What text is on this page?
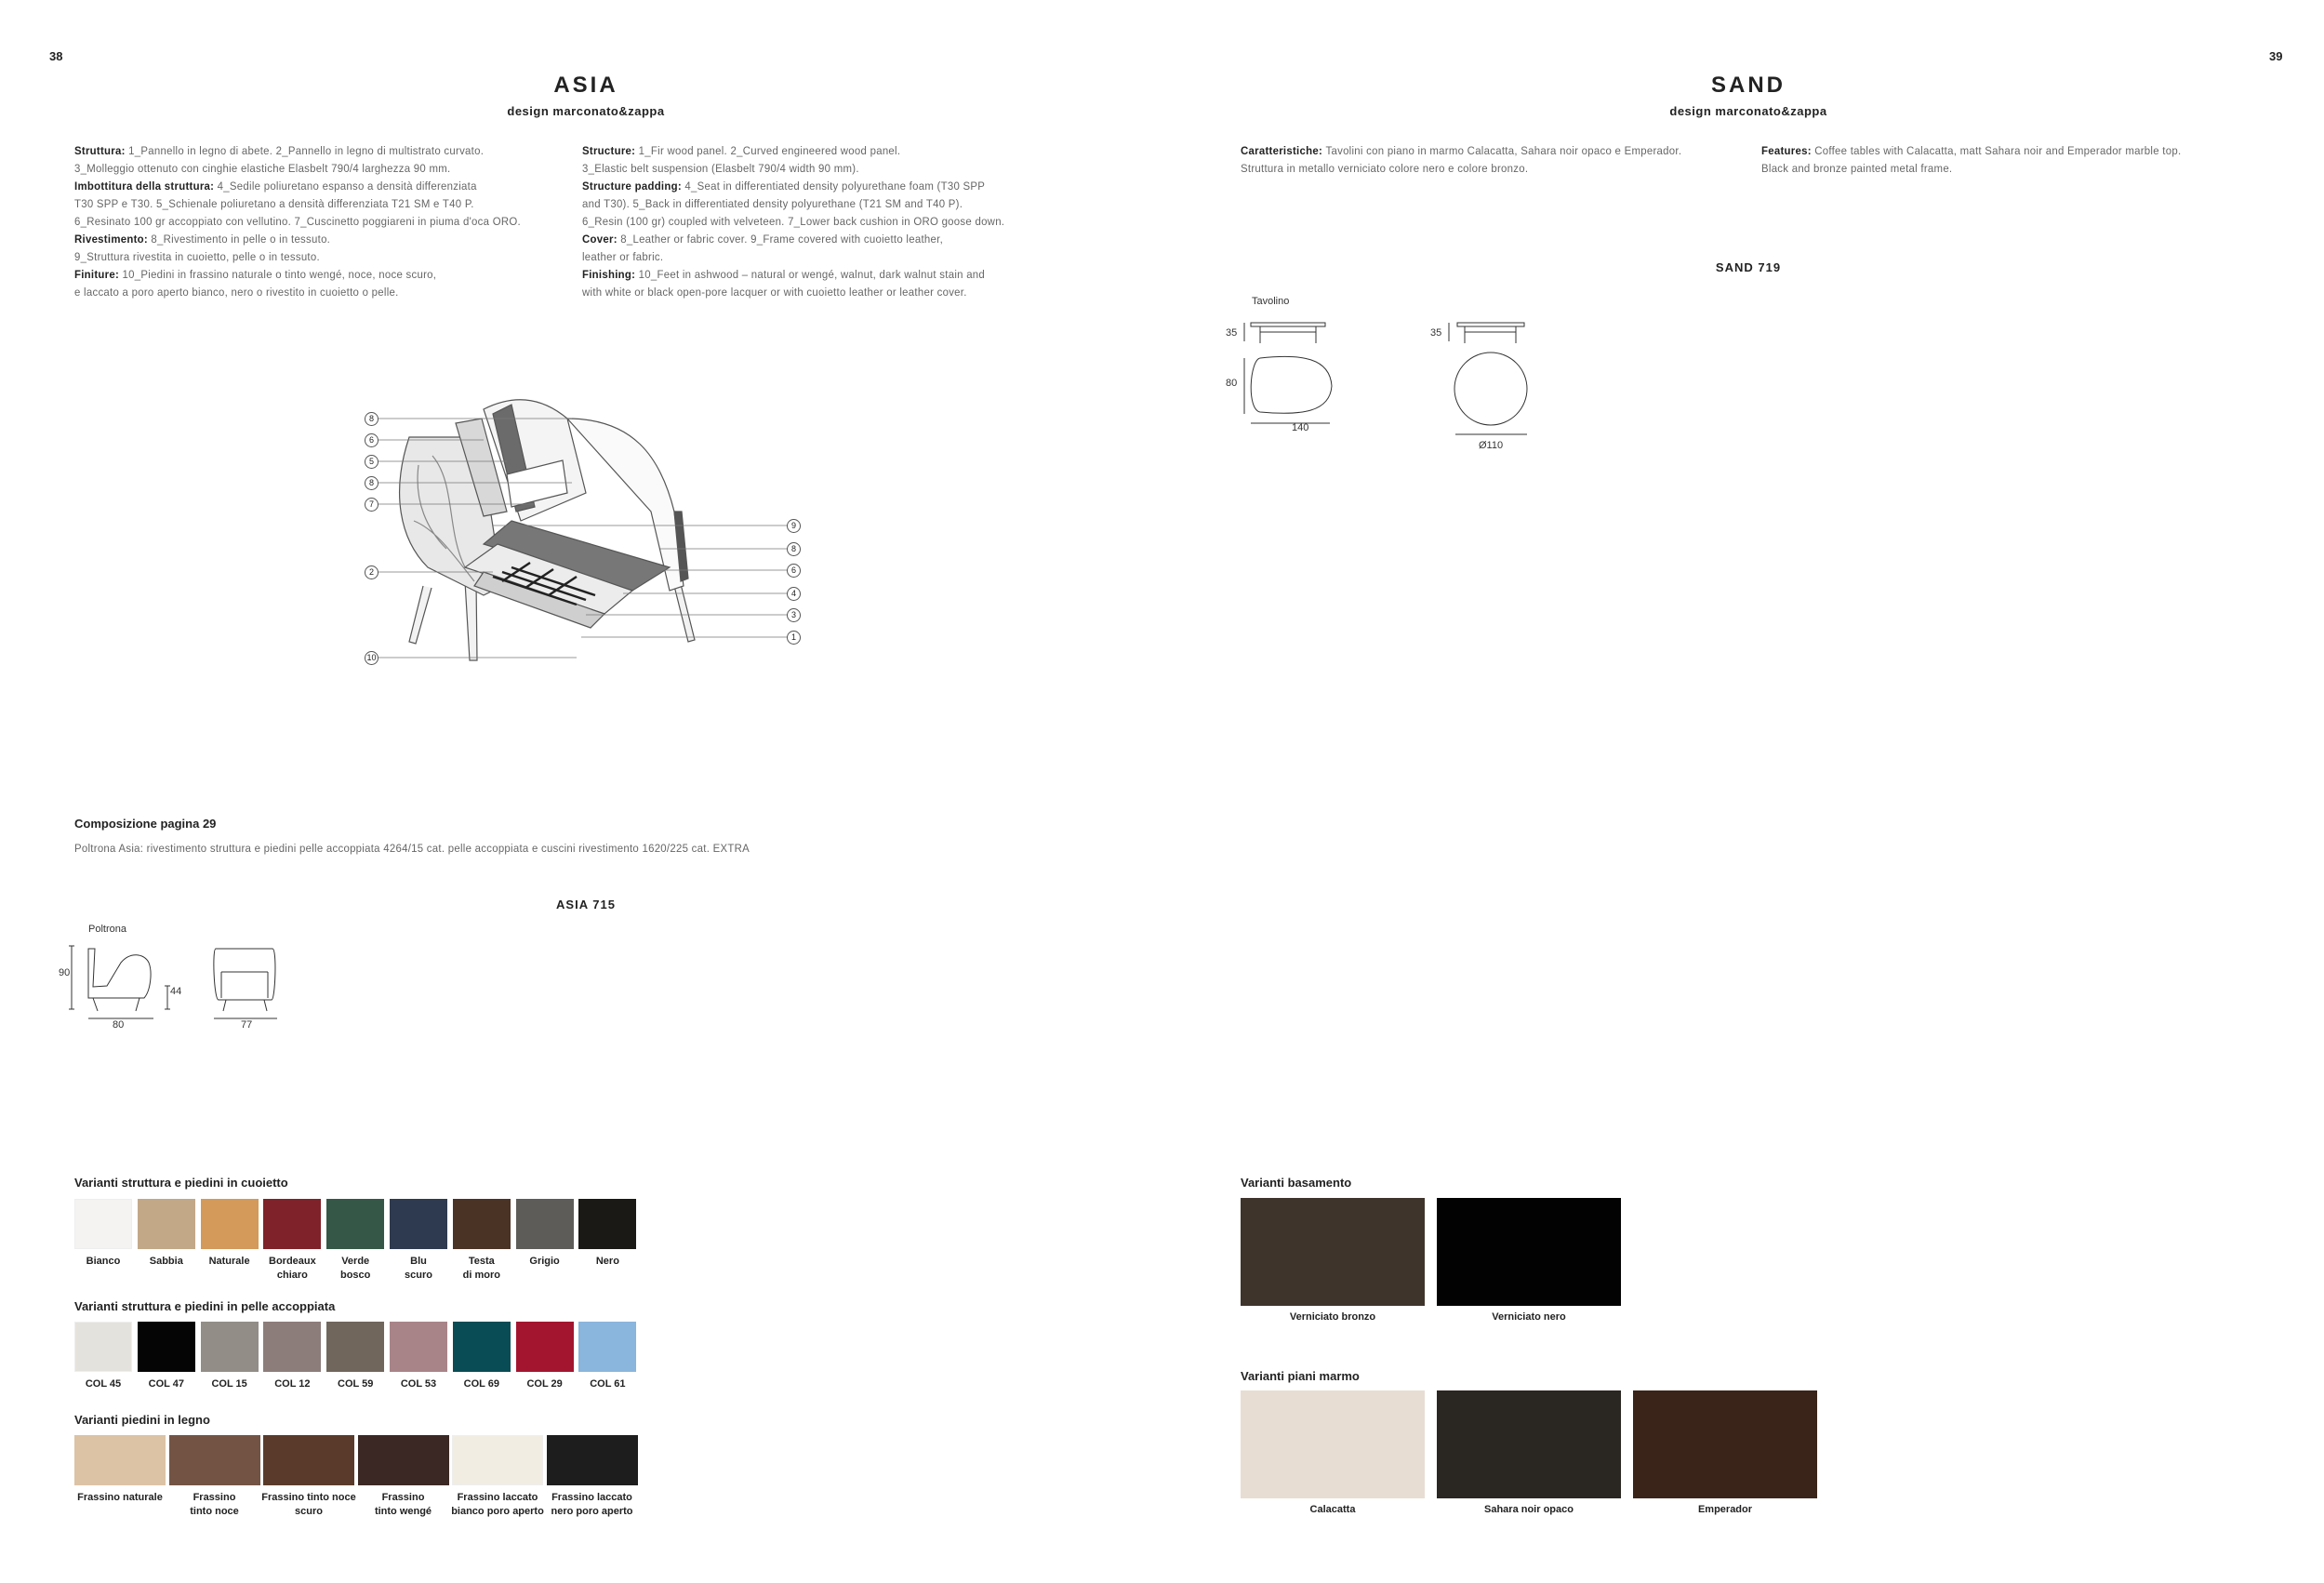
38
ASIA
design marconato&zappa

Struttura: 1_Pannello in legno di abete. 2_Pannello in legno di multistrato curvato.

3_Molleggio ottenuto con cinghie elastiche Elasbelt 790/4 larghezza 90 mm.

Imbottitura della struttura: 4_Sedile poliuretano espanso a densità differenziata

T30 SPP e T30. 5_Schienale poliuretano a densità differenziata T21 SM e T40 P.

6_Resinato 100 gr accoppiato con vellutino. 7_Cuscinetto poggiareni in piuma d'oca ORO.

Rivestimento: 8_Rivestimento in pelle o in tessuto.

9_Struttura rivestita in cuoietto, pelle o in tessuto.

Finiture: 10_Piedini in frassino naturale o tinto wengé, noce, noce scuro,

e laccato a poro aperto bianco, nero o rivestito in cuoietto o pelle.

Structure: 1_Fir wood panel. 2_Curved engineered wood panel.

3_Elastic belt suspension (Elasbelt 790/4 width 90 mm).

Structure padding: 4_Seat in differentiated density polyurethane foam (T30 SPP

and T30). 5_Back in differentiated density polyurethane (T21 SM and T40 P).

6_Resin (100 gr) coupled with velveteen. 7_Lower back cushion in ORO goose down.

Cover: 8_Leather or fabric cover. 9_Frame covered with cuoietto leather,

leather or fabric.

Finishing: 10_Feet in ashwood – natural or wengé, walnut, dark walnut stain and

with white or black open-pore lacquer or with cuoietto leather or leather cover.

8
6
5
8
7
2
10
9
8
6
4
3
1
Composizione pagina 29
Poltrona Asia: rivestimento struttura e piedini pelle accoppiata 4264/15 cat. pelle accoppiata e cuscini rivestimento 1620/225 cat. EXTRA
ASIA 715
Poltrona
90
44
80	77
Varianti struttura e piedini in cuoietto
Bianco	Sabbia	Naturale	Bordeaux
chiaro
Verde
bosco
Blu
scuro
Testa
di moro
Grigio	Nero
Varianti struttura e piedini in pelle accoppiata
COL 45	COL 47	COL 15	COL 12	COL 59	COL 53	COL 69	COL 29	COL 61
Varianti piedini in legno
Frassino naturale	Frassino
tinto noce
Frassino tinto noce
scuro
Frassino
tinto wengé
Frassino laccato
bianco poro aperto
Frassino laccato
nero poro aperto
39
SAND
design marconato&zappa

Caratteristiche: Tavolini con piano in marmo Calacatta, Sahara noir opaco e Emperador.

Struttura in metallo verniciato colore nero e colore bronzo.

Features: Coffee tables with Calacatta, matt Sahara noir and Emperador marble top.

Black and bronze painted metal frame.

SAND 719
Tavolino
35
80
140
35
Ø110
Varianti basamento
Verniciato bronzo	Verniciato nero
Varianti piani marmo
Calacatta	Sahara noir opaco	Emperador
